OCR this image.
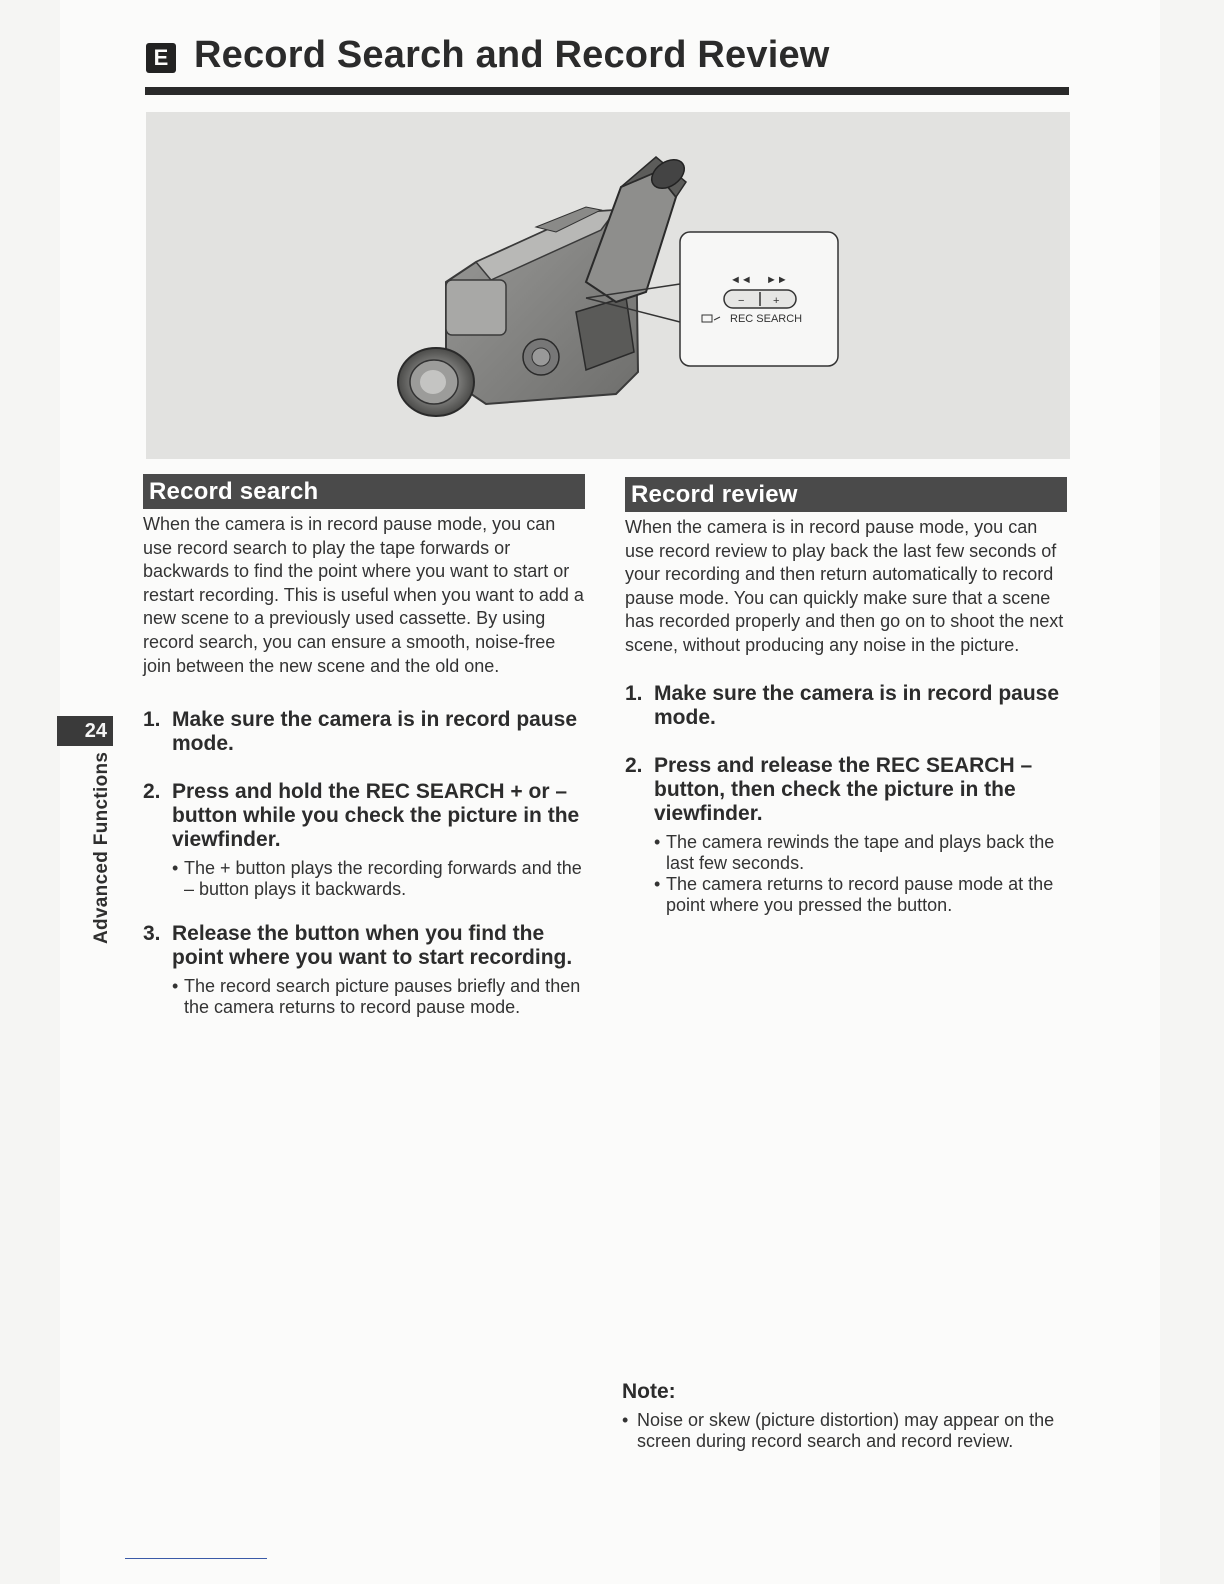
E Record Search and Record Review
◄◄ ►►
−	+
REC SEARCH
24
Advanced Functions
Record search

When the camera is in record pause mode, you can use record search to play the tape forwards or backwards to find the point where you want to start or restart recording. This is useful when you want to add a new scene to a previously used cassette. By using record search, you can ensure a smooth, noise-free join between the new scene and the old one.

1. Make sure the camera is in record pause mode.
2. Press and hold the REC SEARCH + or – button while you check the picture in the viewfinder.
• The + button plays the recording forwards and the – button plays it backwards.
3. Release the button when you find the point where you want to start recording.
• The record search picture pauses briefly and then the camera returns to record pause mode.
Record review

When the camera is in record pause mode, you can use record review to play back the last few seconds of your recording and then return automatically to record pause mode. You can quickly make sure that a scene has recorded properly and then go on to shoot the next scene, without producing any noise in the picture.

1. Make sure the camera is in record pause mode.
2. Press and release the REC SEARCH – button, then check the picture in the viewfinder.
• The camera rewinds the tape and plays back the last few seconds.
• The camera returns to record pause mode at the point where you pressed the button.
Note:
• Noise or skew (picture distortion) may appear on the screen during record search and record review.
